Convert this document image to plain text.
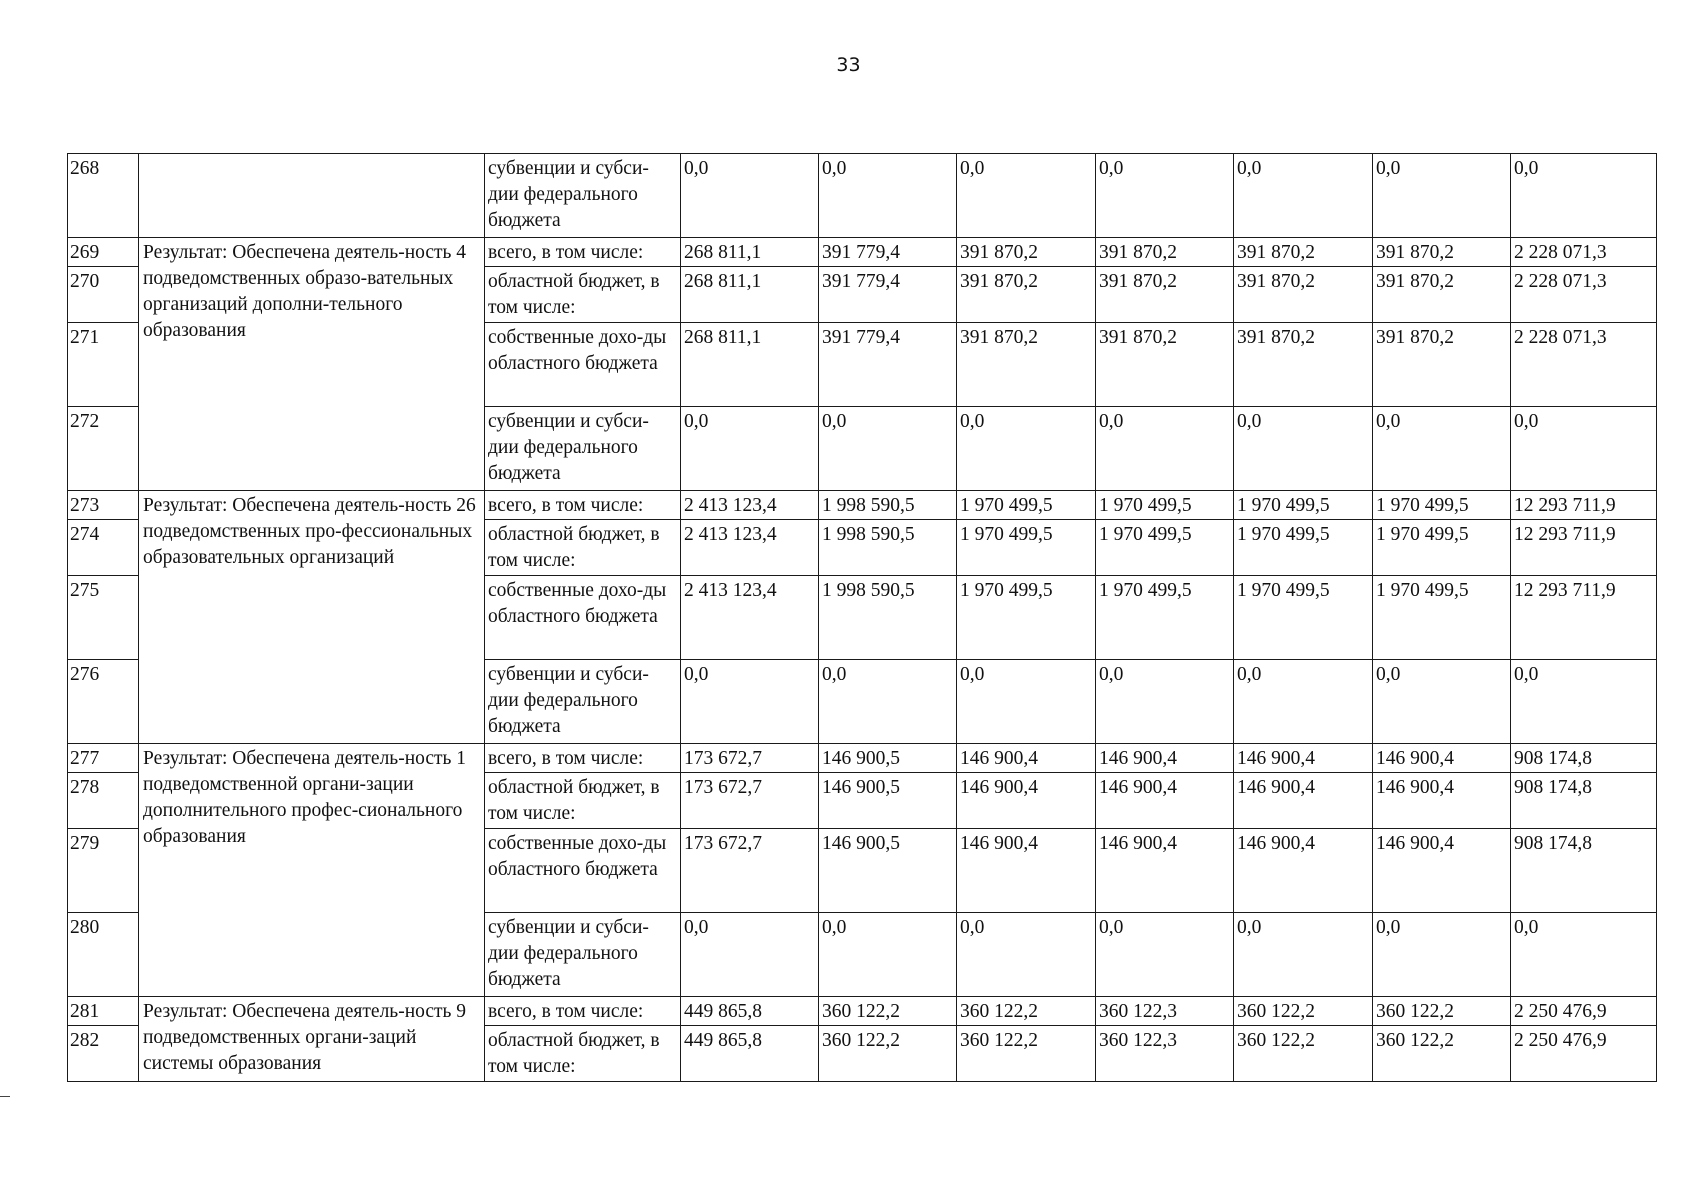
33
268		субвенции и субси-дии федерального бюджета	0,0	0,0	0,0	0,0	0,0	0,0	0,0
269	Результат: Обеспечена деятель-ность 4 подведомственных образо-вательных организаций дополни-тельного образования	всего, в том числе:	268 811,1	391 779,4	391 870,2	391 870,2	391 870,2	391 870,2	2 228 071,3
270		областной бюджет, в том числе:	268 811,1	391 779,4	391 870,2	391 870,2	391 870,2	391 870,2	2 228 071,3
271		собственные дохо-ды областного бюджета	268 811,1	391 779,4	391 870,2	391 870,2	391 870,2	391 870,2	2 228 071,3
272		субвенции и субси-дии федерального бюджета	0,0	0,0	0,0	0,0	0,0	0,0	0,0
273	Результат: Обеспечена деятель-ность 26 подведомственных про-фессиональных образовательных организаций	всего, в том числе:	2 413 123,4	1 998 590,5	1 970 499,5	1 970 499,5	1 970 499,5	1 970 499,5	12 293 711,9
274		областной бюджет, в том числе:	2 413 123,4	1 998 590,5	1 970 499,5	1 970 499,5	1 970 499,5	1 970 499,5	12 293 711,9
275		собственные дохо-ды областного бюджета	2 413 123,4	1 998 590,5	1 970 499,5	1 970 499,5	1 970 499,5	1 970 499,5	12 293 711,9
276		субвенции и субси-дии федерального бюджета	0,0	0,0	0,0	0,0	0,0	0,0	0,0
277	Результат: Обеспечена деятель-ность 1 подведомственной органи-зации дополнительного профес-сионального образования	всего, в том числе:	173 672,7	146 900,5	146 900,4	146 900,4	146 900,4	146 900,4	908 174,8
278		областной бюджет, в том числе:	173 672,7	146 900,5	146 900,4	146 900,4	146 900,4	146 900,4	908 174,8
279		собственные дохо-ды областного бюджета	173 672,7	146 900,5	146 900,4	146 900,4	146 900,4	146 900,4	908 174,8
280		субвенции и субси-дии федерального бюджета	0,0	0,0	0,0	0,0	0,0	0,0	0,0
281	Результат: Обеспечена деятель-ность 9 подведомственных органи-заций системы образования	всего, в том числе:	449 865,8	360 122,2	360 122,2	360 122,3	360 122,2	360 122,2	2 250 476,9
282		областной бюджет, в том числе:	449 865,8	360 122,2	360 122,2	360 122,3	360 122,2	360 122,2	2 250 476,9
